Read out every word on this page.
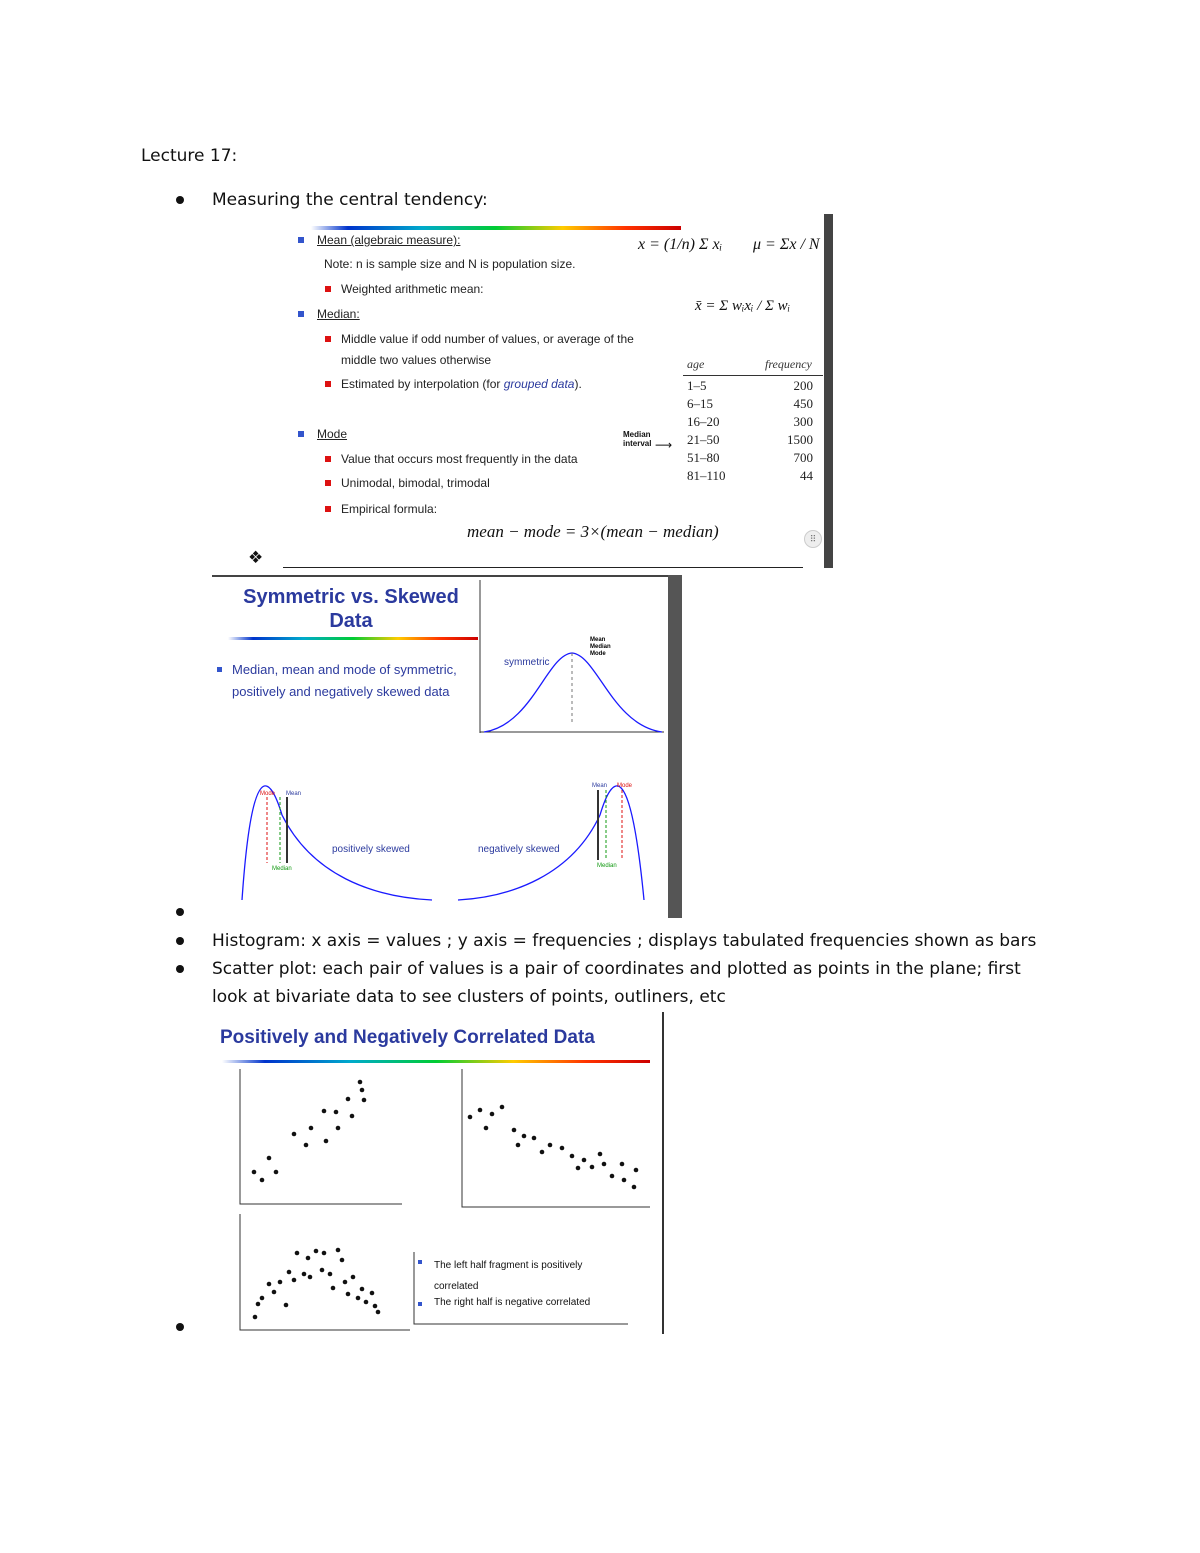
Lecture 17:
Measuring the central tendency:
⠿
Mean (algebraic measure):
Note: n is sample size and N is population size.
Weighted arithmetic mean:
Median:
Middle value if odd number of values, or average of the
middle two values otherwise
Estimated by interpolation (for grouped data).
Mode
Value that occurs most frequently in the data
Unimodal, bimodal, trimodal
Empirical formula:
x = (1/n) Σ xᵢ μ = Σx / N
x̄ = Σ wᵢxᵢ / Σ wᵢ
mean − mode = 3×(mean − median)
age	frequency
1–5	200
6–15	450
16–20	300
21–50	1500
51–80	700
81–110	44
Median
interval ⟶
❖
Symmetric vs. Skewed
Data
Median, mean and mode of symmetric, positively and negatively skewed data
symmetric
Mean
Median
Mode
Mode Mean
Median
positively skewed
Mean Mode
Median
negatively skewed
Histogram: x axis = values ; y axis = frequencies ; displays tabulated frequencies shown as bars
Scatter plot: each pair of values is a pair of coordinates and plotted as points in the plane; first
look at bivariate data to see clusters of points, outliners, etc
Positively and Negatively Correlated Data
The left half fragment is positively
correlated
The right half is negative correlated
